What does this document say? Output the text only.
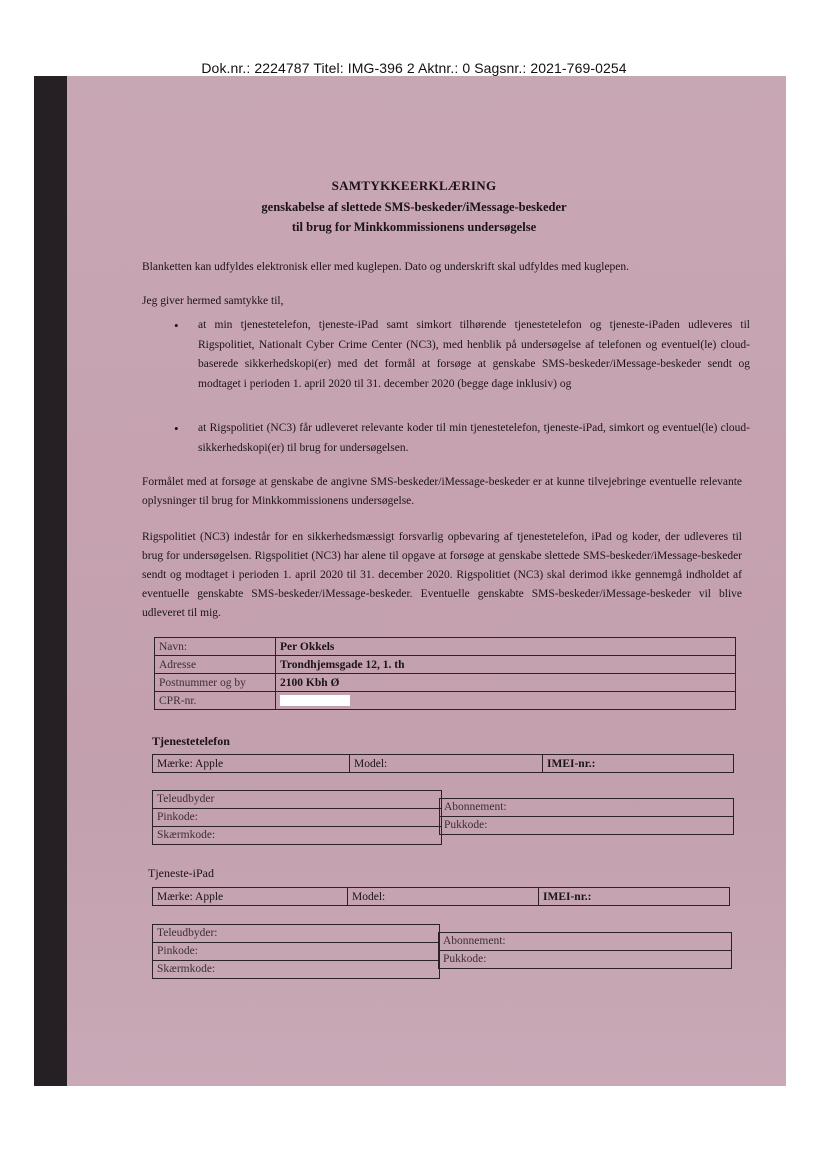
Dok.nr.: 2224787 Titel: IMG-396 2 Aktnr.: 0 Sagsnr.: 2021-769-0254
SAMTYKKEERKLÆRING
genskabelse af slettede SMS-beskeder/iMessage-beskeder
til brug for Minkkommissionens undersøgelse
Blanketten kan udfyldes elektronisk eller med kuglepen. Dato og underskrift skal udfyldes med kuglepen.
Jeg giver hermed samtykke til,
• at min tjenestetelefon, tjeneste-iPad samt simkort tilhørende tjenestetelefon og tjeneste-iPaden udleveres til Rigspolitiet, Nationalt Cyber Crime Center (NC3), med henblik på undersøgelse af telefonen og eventuel(le) cloud-baserede sikkerhedskopi(er) med det formål at forsøge at genskabe SMS-beskeder/iMessage-beskeder sendt og modtaget i perioden 1. april 2020 til 31. december 2020 (begge dage inklusiv) og
• at Rigspolitiet (NC3) får udleveret relevante koder til min tjenestetelefon, tjeneste-iPad, simkort og eventuel(le) cloud-sikkerhedskopi(er) til brug for undersøgelsen.
Formålet med at forsøge at genskabe de angivne SMS-beskeder/iMessage-beskeder er at kunne tilvejebringe eventuelle relevante oplysninger til brug for Minkkommissionens undersøgelse.
Rigspolitiet (NC3) indestår for en sikkerhedsmæssigt forsvarlig opbevaring af tjenestetelefon, iPad og koder, der udleveres til brug for undersøgelsen. Rigspolitiet (NC3) har alene til opgave at forsøge at genskabe slettede SMS-beskeder/iMessage-beskeder sendt og modtaget i perioden 1. april 2020 til 31. december 2020. Rigspolitiet (NC3) skal derimod ikke gennemgå indholdet af eventuelle genskabte SMS-beskeder/iMessage-beskeder. Eventuelle genskabte SMS-beskeder/iMessage-beskeder vil blive udleveret til mig.
Navn:	Per Okkels
Adresse	Trondhjemsgade 12, 1. th
Postnummer og by	2100 Kbh Ø
CPR-nr.	
Tjenestetelefon
Mærke: Apple	Model:	IMEI-nr.:
Teleudbyder
Pinkode:
Skærmkode:
Abonnement:
Pukkode:
Tjeneste-iPad
Mærke: Apple	Model:	IMEI-nr.:
Teleudbyder:
Pinkode:
Skærmkode:
Abonnement:
Pukkode:
